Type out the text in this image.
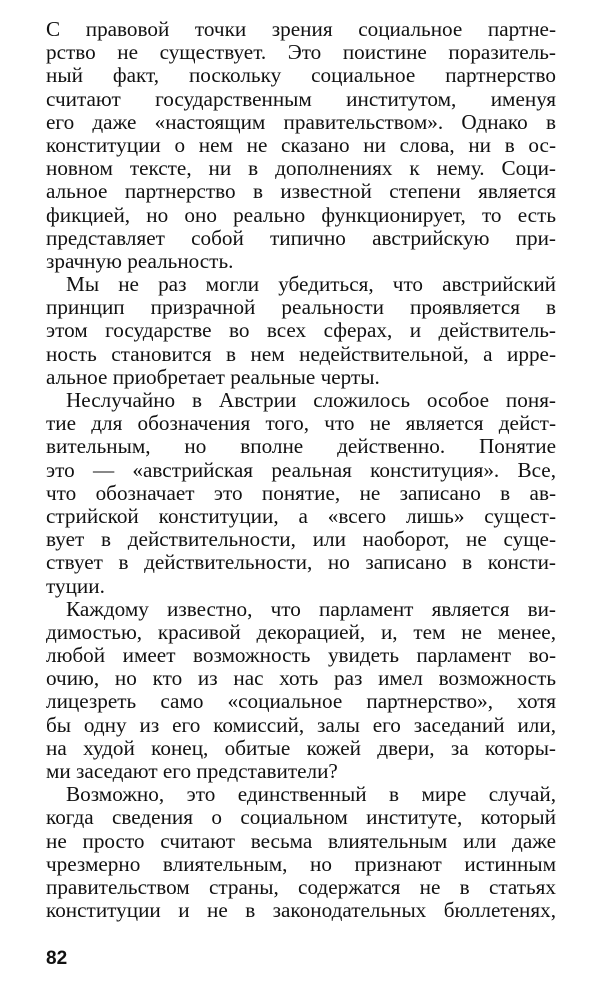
С правовой точки зрения социальное партне-
рство не существует. Это поистине поразитель-
ный факт, поскольку социальное партнерство
считают государственным институтом, именуя
его даже «настоящим правительством». Однако в
конституции о нем не сказано ни слова, ни в ос-
новном тексте, ни в дополнениях к нему. Соци-
альное партнерство в известной степени является
фикцией, но оно реально функционирует, то есть
представляет собой типично австрийскую при-
зрачную реальность.
Мы не раз могли убедиться, что австрийский
принцип призрачной реальности проявляется в
этом государстве во всех сферах, и действитель-
ность становится в нем недействительной, а ирре-
альное приобретает реальные черты.
Неслучайно в Австрии сложилось особое поня-
тие для обозначения того, что не является дейст-
вительным, но вполне действенно. Понятие
это — «австрийская реальная конституция». Все,
что обозначает это понятие, не записано в ав-
стрийской конституции, а «всего лишь» сущест-
вует в действительности, или наоборот, не суще-
ствует в действительности, но записано в консти-
туции.
Каждому известно, что парламент является ви-
димостью, красивой декорацией, и, тем не менее,
любой имеет возможность увидеть парламент во-
очию, но кто из нас хоть раз имел возможность
лицезреть само «социальное партнерство», хотя
бы одну из его комиссий, залы его заседаний или,
на худой конец, обитые кожей двери, за которы-
ми заседают его представители?
Возможно, это единственный в мире случай,
когда сведения о социальном институте, который
не просто считают весьма влиятельным или даже
чрезмерно влиятельным, но признают истинным
правительством страны, содержатся не в статьях
конституции и не в законодательных бюллетенях,
82
